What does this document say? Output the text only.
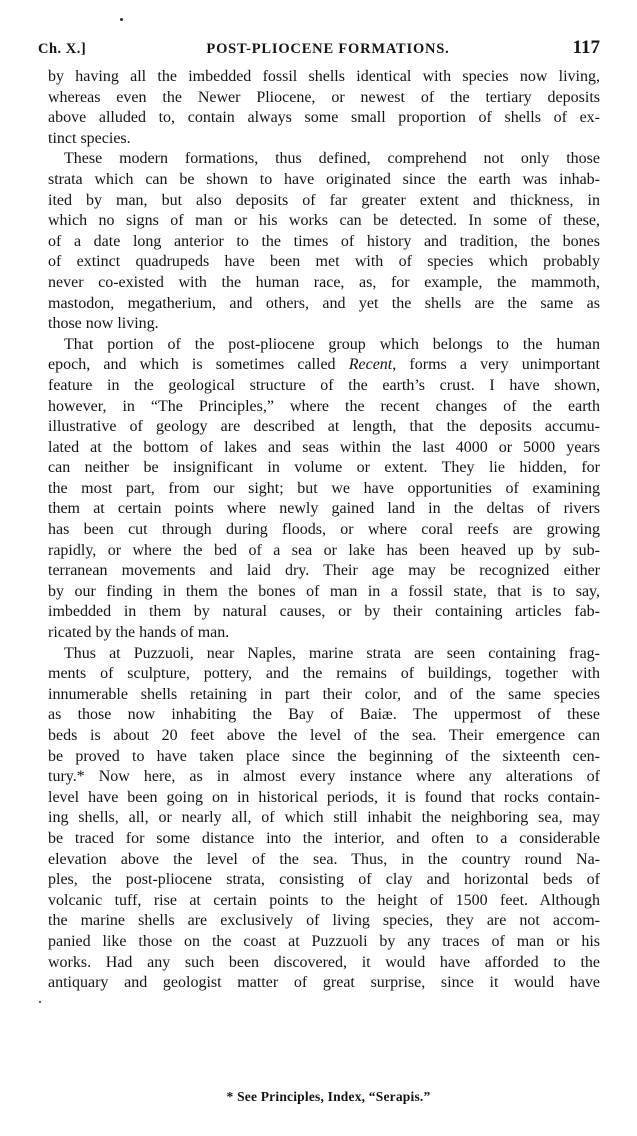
Ch. X.]	POST-PLIOCENE FORMATIONS.	117
by having all the imbedded fossil shells identical with species now living,
whereas even the Newer Pliocene, or newest of the tertiary deposits
above alluded to, contain always some small proportion of shells of ex-
tinct species.
These modern formations, thus defined, comprehend not only those
strata which can be shown to have originated since the earth was inhab-
ited by man, but also deposits of far greater extent and thickness, in
which no signs of man or his works can be detected. In some of these,
of a date long anterior to the times of history and tradition, the bones
of extinct quadrupeds have been met with of species which probably
never co-existed with the human race, as, for example, the mammoth,
mastodon, megatherium, and others, and yet the shells are the same as
those now living.
That portion of the post-pliocene group which belongs to the human
epoch, and which is sometimes called Recent, forms a very unimportant
feature in the geological structure of the earth’s crust. I have shown,
however, in “The Principles,” where the recent changes of the earth
illustrative of geology are described at length, that the deposits accumu-
lated at the bottom of lakes and seas within the last 4000 or 5000 years
can neither be insignificant in volume or extent. They lie hidden, for
the most part, from our sight; but we have opportunities of examining
them at certain points where newly gained land in the deltas of rivers
has been cut through during floods, or where coral reefs are growing
rapidly, or where the bed of a sea or lake has been heaved up by sub-
terranean movements and laid dry. Their age may be recognized either
by our finding in them the bones of man in a fossil state, that is to say,
imbedded in them by natural causes, or by their containing articles fab-
ricated by the hands of man.
Thus at Puzzuoli, near Naples, marine strata are seen containing frag-
ments of sculpture, pottery, and the remains of buildings, together with
innumerable shells retaining in part their color, and of the same species
as those now inhabiting the Bay of Baiæ. The uppermost of these
beds is about 20 feet above the level of the sea. Their emergence can
be proved to have taken place since the beginning of the sixteenth cen-
tury.* Now here, as in almost every instance where any alterations of
level have been going on in historical periods, it is found that rocks contain-
ing shells, all, or nearly all, of which still inhabit the neighboring sea, may
be traced for some distance into the interior, and often to a considerable
elevation above the level of the sea. Thus, in the country round Na-
ples, the post-pliocene strata, consisting of clay and horizontal beds of
volcanic tuff, rise at certain points to the height of 1500 feet. Although
the marine shells are exclusively of living species, they are not accom-
panied like those on the coast at Puzzuoli by any traces of man or his
works. Had any such been discovered, it would have afforded to the
antiquary and geologist matter of great surprise, since it would have
* See Principles, Index, “Serapis.”
